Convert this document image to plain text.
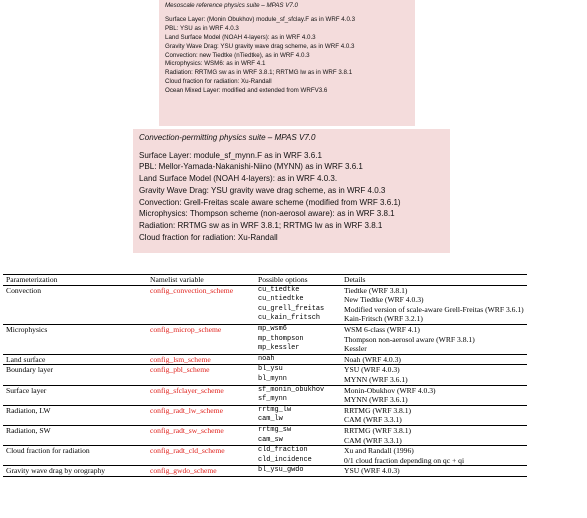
Mesoscale reference physics suite – MPAS V7.0
Surface Layer: (Monin Obukhov) module_sf_sfclay.F as in WRF 4.0.3
PBL: YSU as in WRF 4.0.3
Land Surface Model (NOAH 4-layers): as in WRF 4.0.3
Gravity Wave Drag: YSU gravity wave drag scheme, as in WRF 4.0.3
Convection: new Tiedtke (nTiedtke), as in WRF 4.0.3
Microphysics: WSM6: as in WRF 4.1
Radiation: RRTMG sw as in WRF 3.8.1; RRTMG lw as in WRF 3.8.1
Cloud fraction for radiation: Xu-Randall
Ocean Mixed Layer: modified and extended from WRFV3.6
Convection-permitting physics suite – MPAS V7.0
Surface Layer: module_sf_mynn.F as in WRF 3.6.1
PBL: Mellor-Yamada-Nakanishi-Niino (MYNN) as in WRF 3.6.1
Land Surface Model (NOAH 4-layers): as in WRF 4.0.3.
Gravity Wave Drag: YSU gravity wave drag scheme, as in WRF 4.0.3
Convection: Grell-Freitas scale aware scheme (modified from WRF 3.6.1)
Microphysics: Thompson scheme (non-aerosol aware): as in WRF 3.8.1
Radiation: RRTMG sw as in WRF 3.8.1; RRTMG lw as in WRF 3.8.1
Cloud fraction for radiation: Xu-Randall
Parameterization	Namelist variable	Possible options	Details
Convection	config_convection_scheme	cu_tiedtke	Tiedtke (WRF 3.8.1)
		cu_ntiedtke	New Tiedtke (WRF 4.0.3)
		cu_grell_freitas	Modified version of scale-aware Grell-Freitas (WRF 3.6.1)
		cu_kain_fritsch	Kain-Fritsch (WRF 3.2.1)
Microphysics	config_microp_scheme	mp_wsm6	WSM 6-class (WRF 4.1)
		mp_thompson	Thompson non-aerosol aware (WRF 3.8.1)
		mp_kessler	Kessler
Land surface	config_lsm_scheme	noah	Noah (WRF 4.0.3)
Boundary layer	config_pbl_scheme	bl_ysu	YSU (WRF 4.0.3)
		bl_mynn	MYNN (WRF 3.6.1)
Surface layer	config_sfclayer_scheme	sf_monin_obukhov	Monin-Obukhov (WRF 4.0.3)
		sf_mynn	MYNN (WRF 3.6.1)
Radiation, LW	config_radt_lw_scheme	rrtmg_lw	RRTMG (WRF 3.8.1)
		cam_lw	CAM (WRF 3.3.1)
Radiation, SW	config_radt_sw_scheme	rrtmg_sw	RRTMG (WRF 3.8.1)
		cam_sw	CAM (WRF 3.3.1)
Cloud fraction for radiation	config_radt_cld_scheme	cld_fraction	Xu and Randall (1996)
		cld_incidence	0/1 cloud fraction depending on qc + qi
Gravity wave drag by orography	config_gwdo_scheme	bl_ysu_gwdo	YSU (WRF 4.0.3)
